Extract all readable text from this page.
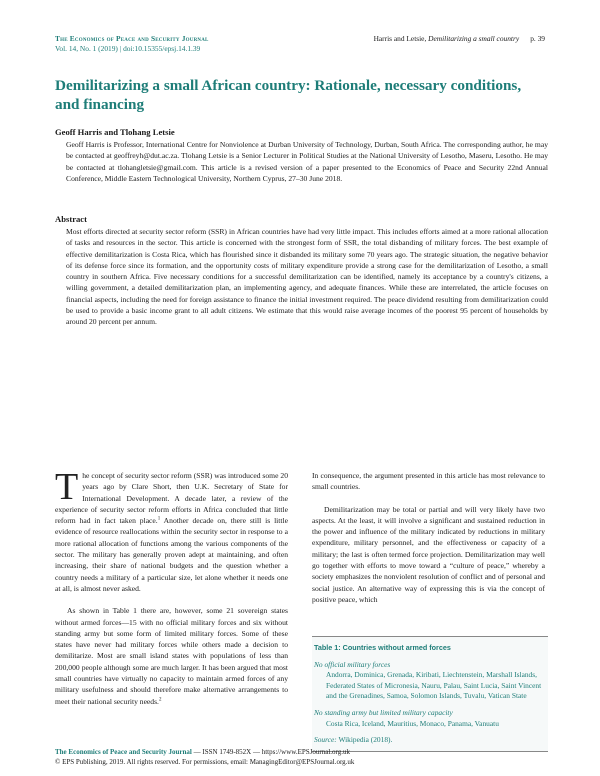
The Economics of Peace and Security Journal
Vol. 14, No. 1 (2019) | doi:10.15355/epsj.14.1.39
Harris and Letsie, Demilitarizing a small country p. 39
Demilitarizing a small African country: Rationale, necessary conditions, and financing
Geoff Harris and Tlohang Letsie
Geoff Harris is Professor, International Centre for Nonviolence at Durban University of Technology, Durban, South Africa. The corresponding author, he may be contacted at geoffreyh@dut.ac.za. Tlohang Letsie is a Senior Lecturer in Political Studies at the National University of Lesotho, Maseru, Lesotho. He may be contacted at tlohangletsie@gmail.com. This article is a revised version of a paper presented to the Economics of Peace and Security 22nd Annual Conference, Middle Eastern Technological University, Northern Cyprus, 27–30 June 2018.
Abstract
Most efforts directed at security sector reform (SSR) in African countries have had very little impact. This includes efforts aimed at a more rational allocation of tasks and resources in the sector. This article is concerned with the strongest form of SSR, the total disbanding of military forces. The best example of effective demilitarization is Costa Rica, which has flourished since it disbanded its military some 70 years ago. The strategic situation, the negative behavior of its defense force since its formation, and the opportunity costs of military expenditure provide a strong case for the demilitarization of Lesotho, a small country in southern Africa. Five necessary conditions for a successful demilitarization can be identified, namely its acceptance by a country's citizens, a willing government, a detailed demilitarization plan, an implementing agency, and adequate finances. While these are interrelated, the article focuses on financial aspects, including the need for foreign assistance to finance the initial investment required. The peace dividend resulting from demilitarization could be used to provide a basic income grant to all adult citizens. We estimate that this would raise average incomes of the poorest 95 percent of households by around 20 percent per annum.

The concept of security sector reform (SSR) was introduced some 20 years ago by Clare Short, then U.K. Secretary of State for International Development. A decade later, a review of the experience of security sector reform efforts in Africa concluded that little reform had in fact taken place.$^1$ Another decade on, there still is little evidence of resource reallocations within the security sector in response to a more rational allocation of functions among the various components of the sector. The military has generally proven adept at maintaining, and often increasing, their share of national budgets and the question whether a country needs a military of a particular size, let alone whether it needs one at all, is almost never asked.

As shown in Table 1 there are, however, some 21 sovereign states without armed forces—15 with no official military forces and six without standing army but some form of limited military forces. Some of these states have never had military forces while others made a decision to demilitarize. Most are small island states with populations of less than 200,000 people although some are much larger. It has been argued that most small countries have virtually no capacity to maintain armed forces of any military usefulness and should therefore make alternative arrangements to meet their national security needs.$^2$

In consequence, the argument presented in this article has most relevance to small countries.

Demilitarization may be total or partial and will very likely have two aspects. At the least, it will involve a significant and sustained reduction in the power and influence of the military indicated by reductions in military expenditure, military personnel, and the effectiveness or capacity of a military; the last is often termed force projection. Demilitarization may well go together with efforts to move toward a “culture of peace,” whereby a society emphasizes the nonviolent resolution of conflict and of personal and social justice. An alternative way of expressing this is via the concept of positive peace, which

Table 1: Countries without armed forces
No official military forces
Andorra, Dominica, Grenada, Kiribati, Liechtenstein, Marshall Islands, Federated States of Micronesia, Nauru, Palau, Saint Lucia, Saint Vincent and the Grenadines, Samoa, Solomon Islands, Tuvalu, Vatican State
No standing army but limited military capacity
Costa Rica, Iceland, Mauritius, Monaco, Panama, Vanuatu
Source: Wikipedia (2018).
The Economics of Peace and Security Journal — ISSN 1749-852X — https://www.EPSJournal.org.uk
© EPS Publishing, 2019. All rights reserved. For permissions, email: ManagingEditor@EPSJournal.org.uk
